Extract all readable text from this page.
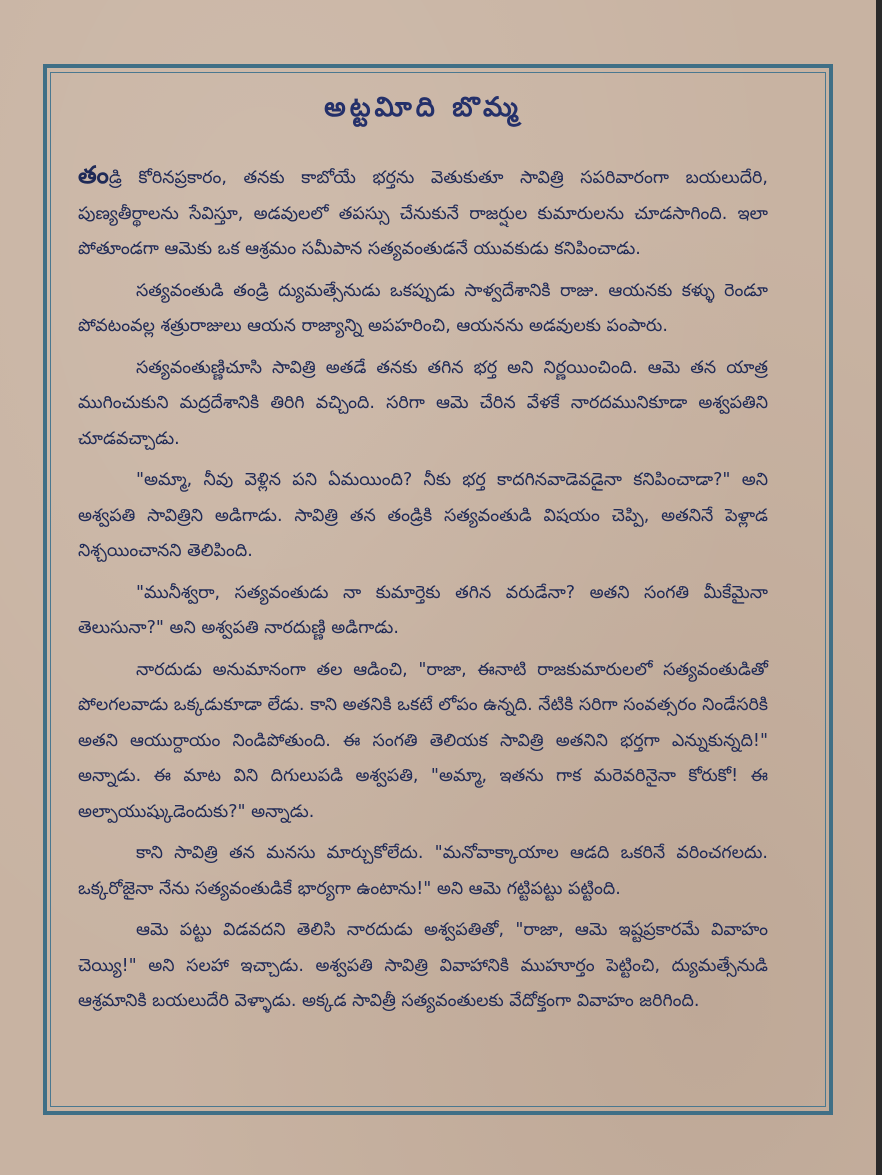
అట్టవిూది బొమ్మ

తండ్రి కోరినప్రకారం, తనకు కాబోయే భర్తను వెతుకుతూ సావిత్రి సపరివారంగా బయలుదేరి, పుణ్యతీర్థాలను సేవిస్తూ, అడవులలో తపస్సు చేనుకునే రాజర్షుల కుమారులను చూడసాగింది. ఇలా పోతూండగా ఆమెకు ఒక ఆశ్రమం సమీపాన సత్యవంతుడనే యువకుడు కనిపించాడు.

సత్యవంతుడి తండ్రి ద్యుమత్సేనుడు ఒకప్పుడు సాళ్వదేశానికి రాజు. ఆయనకు కళ్ళు రెండూ పోవటంవల్ల శత్రురాజులు ఆయన రాజ్యాన్ని అపహరించి, ఆయనను అడవులకు పంపారు.

సత్యవంతుణ్ణిచూసి సావిత్రి అతడే తనకు తగిన భర్త అని నిర్ణయించింది. ఆమె తన యాత్ర ముగించుకుని మద్రదేశానికి తిరిగి వచ్చింది. సరిగా ఆమె చేరిన వేళకే నారదమునికూడా అశ్వపతిని చూడవచ్చాడు.

"అమ్మా, నీవు వెళ్లిన పని ఏమయింది? నీకు భర్త కాదగినవాడెవడైనా కనిపించాడా?" అని అశ్వపతి సావిత్రిని అడిగాడు. సావిత్రి తన తండ్రికి సత్యవంతుడి విషయం చెప్పి, అతనినే పెళ్లాడ నిశ్చయించానని తెలిపింది.

"మునీశ్వరా, సత్యవంతుడు నా కుమార్తెకు తగిన వరుడేనా? అతని సంగతి మీకేమైనా తెలుసునా?" అని అశ్వపతి నారదుణ్ణి అడిగాడు.

నారదుడు అనుమానంగా తల ఆడించి, "రాజా, ఈనాటి రాజకుమారులలో సత్యవంతుడితో పోలగలవాడు ఒక్కడుకూడా లేడు. కాని అతనికి ఒకటే లోపం ఉన్నది. నేటికి సరిగా సంవత్సరం నిండేసరికి అతని ఆయుర్దాయం నిండిపోతుంది. ఈ సంగతి తెలియక సావిత్రి అతనిని భర్తగా ఎన్నుకున్నది!" అన్నాడు. ఈ మాట విని దిగులుపడి అశ్వపతి, "అమ్మా, ఇతను గాక మరెవరినైనా కోరుకో! ఈ అల్పాయుష్కుడెందుకు?" అన్నాడు.

కాని సావిత్రి తన మనసు మార్చుకోలేదు. "మనోవాక్కాయాల ఆడది ఒకరినే వరించగలదు. ఒక్కరోజైనా నేను సత్యవంతుడికే భార్యగా ఉంటాను!" అని ఆమె గట్టిపట్టు పట్టింది.

ఆమె పట్టు విడవదని తెలిసి నారదుడు అశ్వపతితో, "రాజా, ఆమె ఇష్టప్రకారమే వివాహం చెయ్యి!" అని సలహా ఇచ్చాడు. అశ్వపతి సావిత్రి వివాహానికి ముహూర్తం పెట్టించి, ద్యుమత్సేనుడి ఆశ్రమానికి బయలుదేరి వెళ్ళాడు. అక్కడ సావిత్రీ సత్యవంతులకు వేదోక్తంగా వివాహం జరిగింది.
